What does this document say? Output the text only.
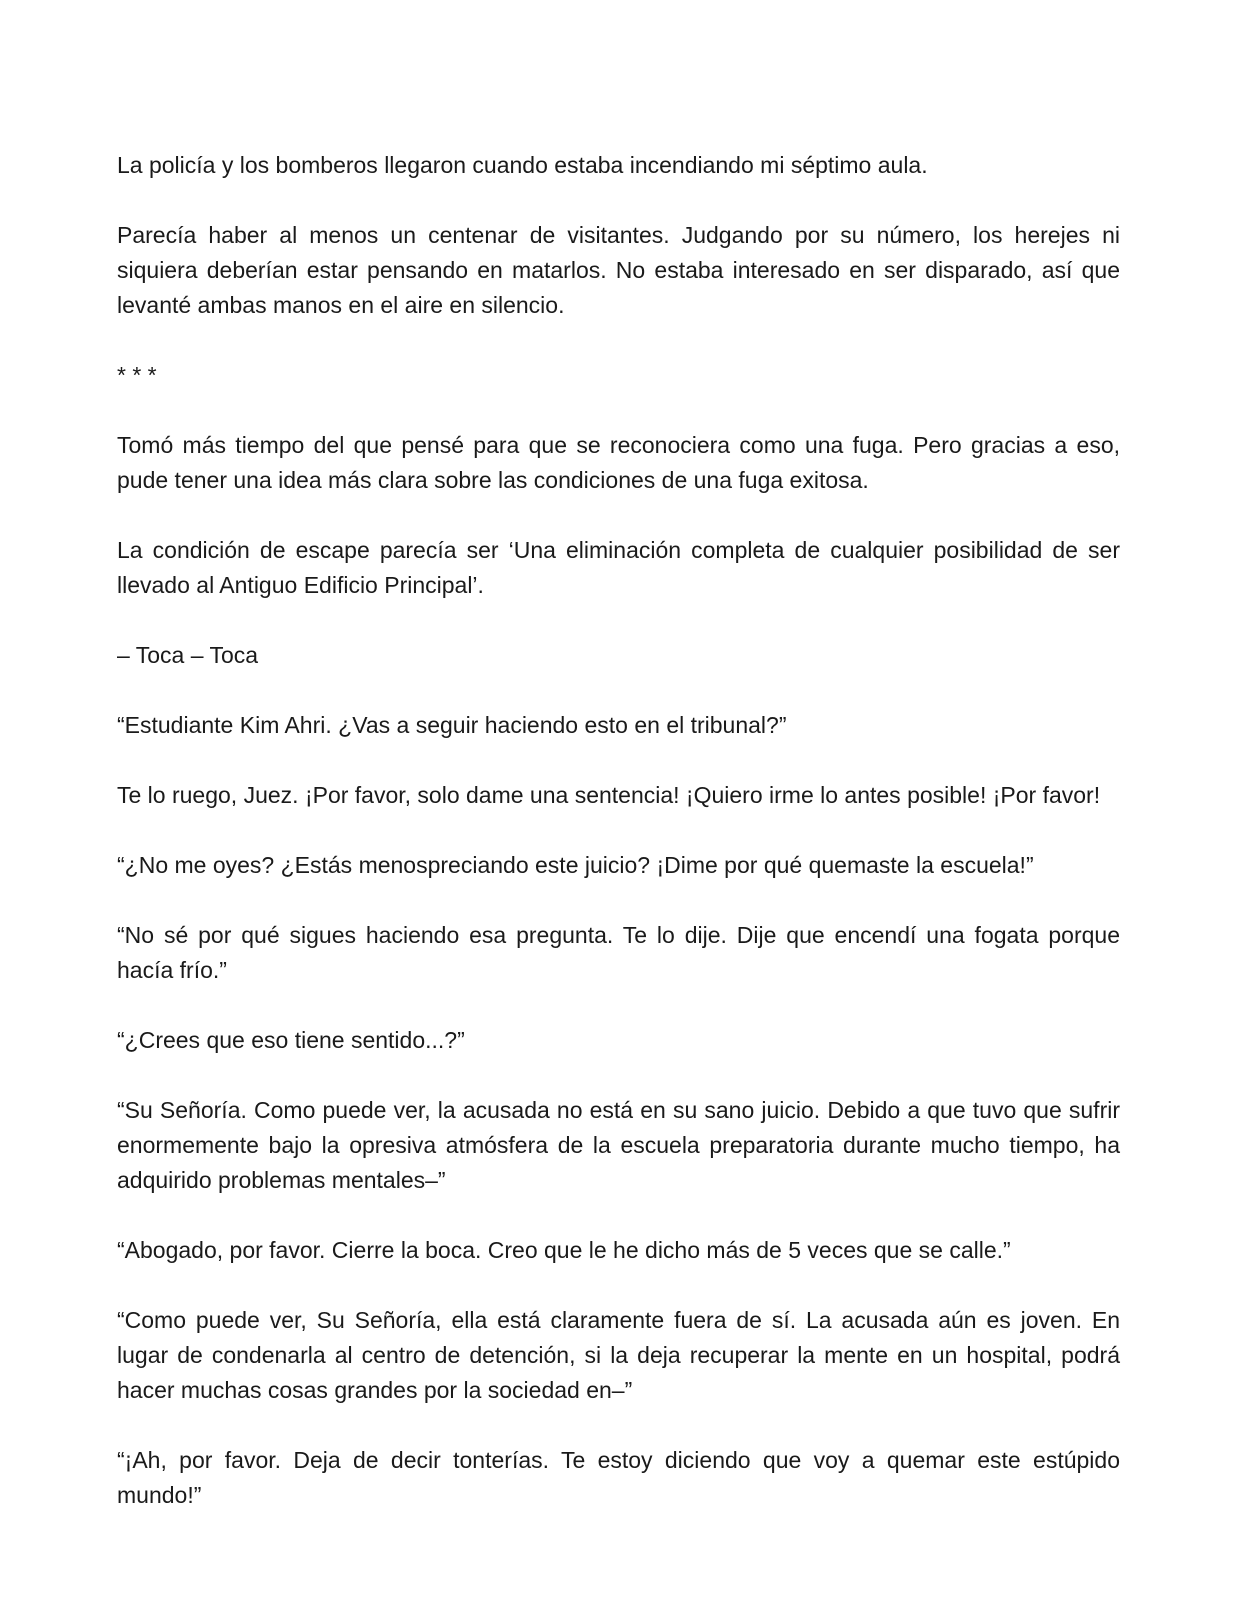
La policía y los bomberos llegaron cuando estaba incendiando mi séptimo aula.

Parecía haber al menos un centenar de visitantes. Judgando por su número, los herejes ni siquiera deberían estar pensando en matarlos. No estaba interesado en ser disparado, así que levanté ambas manos en el aire en silencio.

* * *

Tomó más tiempo del que pensé para que se reconociera como una fuga. Pero gracias a eso, pude tener una idea más clara sobre las condiciones de una fuga exitosa.

La condición de escape parecía ser ‘Una eliminación completa de cualquier posibilidad de ser llevado al Antiguo Edificio Principal’.

– Toca – Toca

“Estudiante Kim Ahri. ¿Vas a seguir haciendo esto en el tribunal?”

Te lo ruego, Juez. ¡Por favor, solo dame una sentencia! ¡Quiero irme lo antes posible! ¡Por favor!

“¿No me oyes? ¿Estás menospreciando este juicio? ¡Dime por qué quemaste la escuela!”

“No sé por qué sigues haciendo esa pregunta. Te lo dije. Dije que encendí una fogata porque hacía frío.”

“¿Crees que eso tiene sentido...?”

“Su Señoría. Como puede ver, la acusada no está en su sano juicio. Debido a que tuvo que sufrir enormemente bajo la opresiva atmósfera de la escuela preparatoria durante mucho tiempo, ha adquirido problemas mentales–”

“Abogado, por favor. Cierre la boca. Creo que le he dicho más de 5 veces que se calle.”

“Como puede ver, Su Señoría, ella está claramente fuera de sí. La acusada aún es joven. En lugar de condenarla al centro de detención, si la deja recuperar la mente en un hospital, podrá hacer muchas cosas grandes por la sociedad en–”

“¡Ah, por favor. Deja de decir tonterías. Te estoy diciendo que voy a quemar este estúpido mundo!”
